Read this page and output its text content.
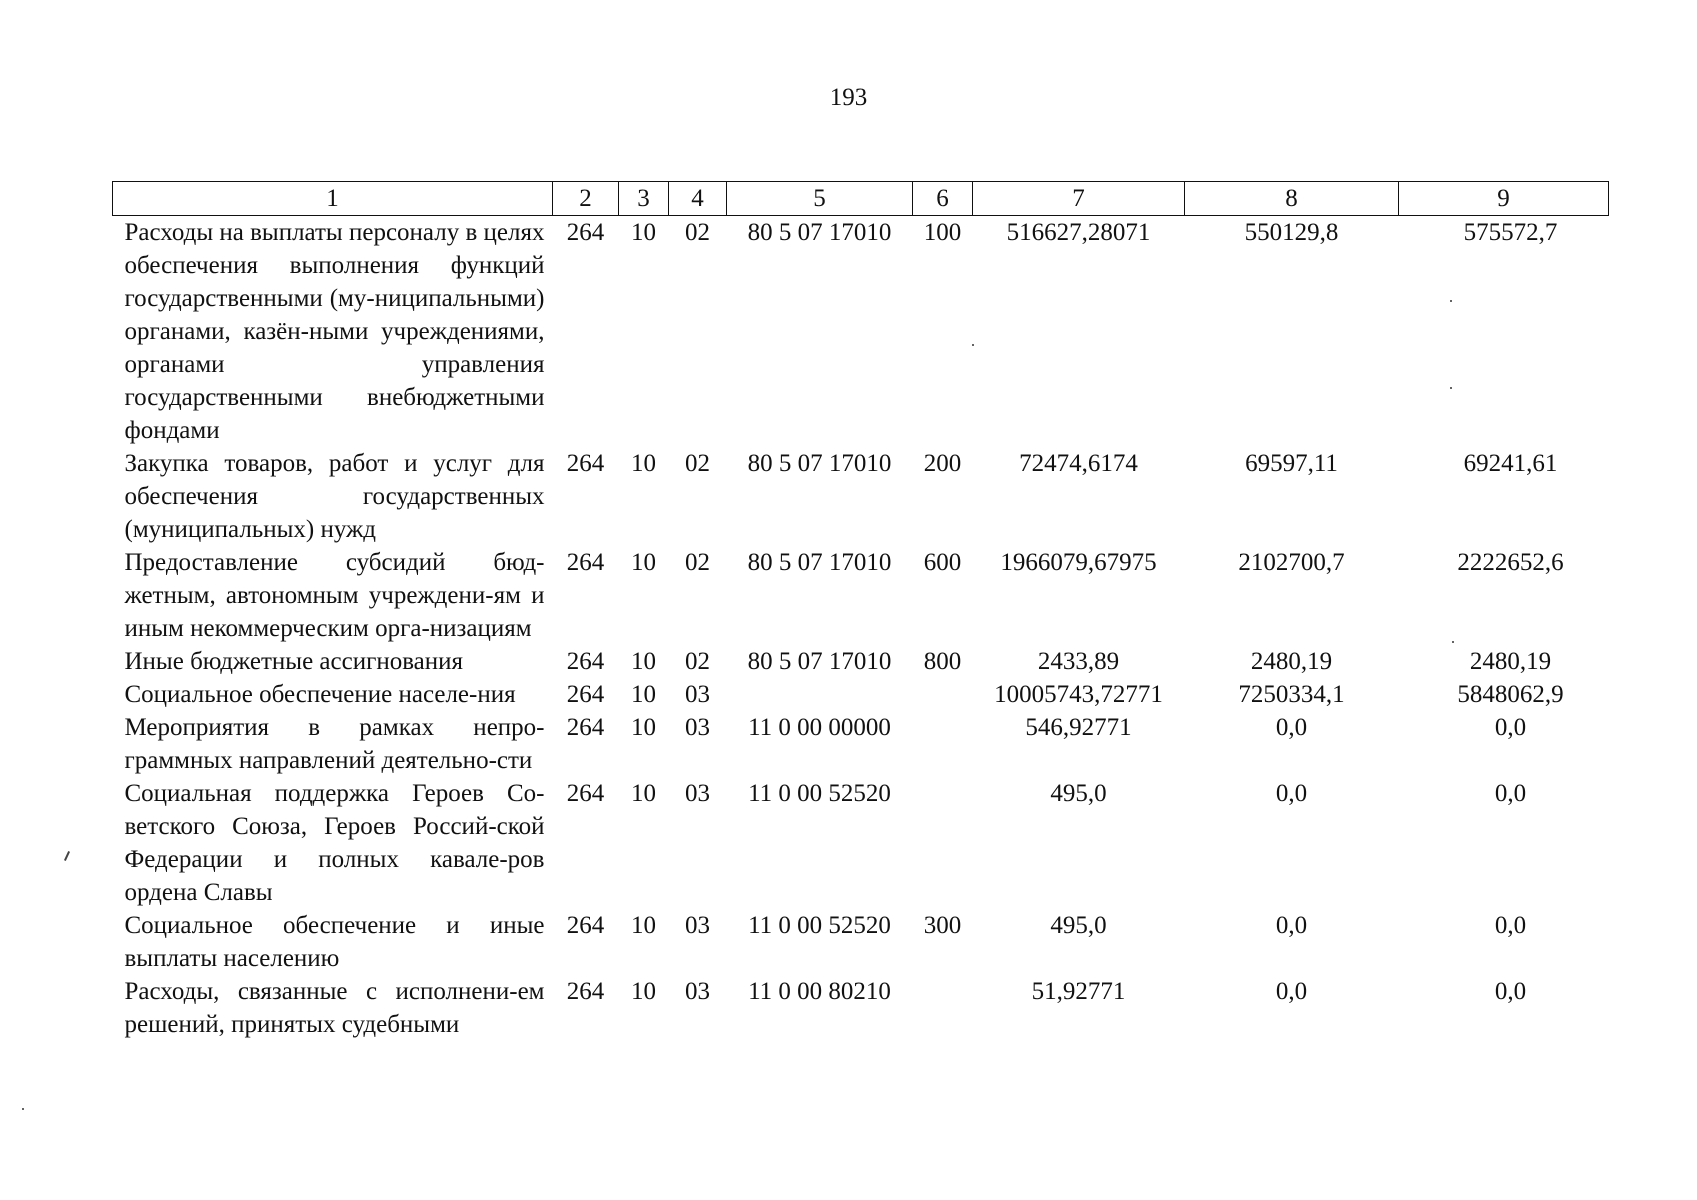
193
1	2	3	4	5	6	7	8	9
Расходы на выплаты персоналу в целях обеспечения выполнения функций государственными (му-ниципальными) органами, казён-ными учреждениями, органами управления государственными внебюджетными фондами	264	10	02	80 5 07 17010	100	516627,28071	550129,8	575572,7
Закупка товаров, работ и услуг для обеспечения государственных (муниципальных) нужд	264	10	02	80 5 07 17010	200	72474,6174	69597,11	69241,61
Предоставление субсидий бюд-жетным, автономным учреждени-ям и иным некоммерческим орга-низациям	264	10	02	80 5 07 17010	600	1966079,67975	2102700,7	2222652,6
Иные бюджетные ассигнования	264	10	02	80 5 07 17010	800	2433,89	2480,19	2480,19
Социальное обеспечение населе-ния	264	10	03			10005743,72771	7250334,1	5848062,9
Мероприятия в рамках непро-граммных направлений деятельно-сти	264	10	03	11 0 00 00000		546,92771	0,0	0,0
Социальная поддержка Героев Со-ветского Союза, Героев Россий-ской Федерации и полных кавале-ров ордена Славы	264	10	03	11 0 00 52520		495,0	0,0	0,0
Социальное обеспечение и иные выплаты населению	264	10	03	11 0 00 52520	300	495,0	0,0	0,0
Расходы, связанные с исполнени-ем решений, принятых судебными	264	10	03	11 0 00 80210		51,92771	0,0	0,0
